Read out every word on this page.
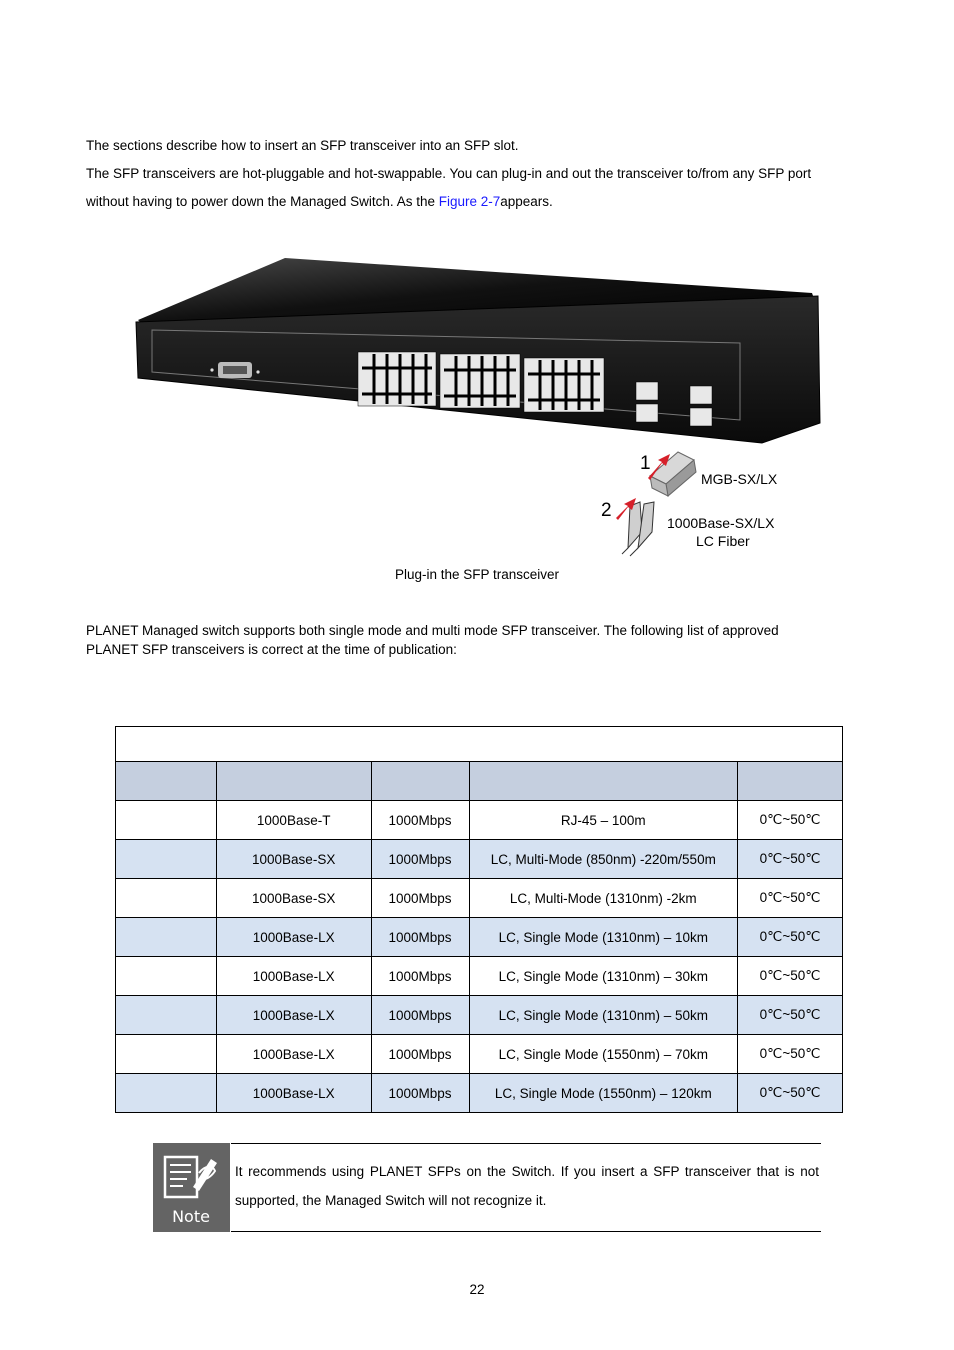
The sections describe how to insert an SFP transceiver into an SFP slot.

The SFP transceivers are hot-pluggable and hot-swappable. You can plug-in and out the transceiver to/from any SFP port

without having to power down the Managed Switch. As the Figure 2-7appears.

1
2
MGB-SX/LX
1000Base-SX/LX
LC Fiber
Plug-in the SFP transceiver

PLANET Managed switch supports both single mode and multi mode SFP transceiver. The following list of approved

PLANET SFP transceivers is correct at the time of publication:

	1000Base-T	1000Mbps	RJ-45 – 100m	0℃~50℃
	1000Base-SX	1000Mbps	LC, Multi-Mode (850nm) -220m/550m	0℃~50℃
	1000Base-SX	1000Mbps	LC, Multi-Mode (1310nm) -2km	0℃~50℃
	1000Base-LX	1000Mbps	LC, Single Mode (1310nm) – 10km	0℃~50℃
	1000Base-LX	1000Mbps	LC, Single Mode (1310nm) – 30km	0℃~50℃
	1000Base-LX	1000Mbps	LC, Single Mode (1310nm) – 50km	0℃~50℃
	1000Base-LX	1000Mbps	LC, Single Mode (1550nm) – 70km	0℃~50℃
	1000Base-LX	1000Mbps	LC, Single Mode (1550nm) – 120km	0℃~50℃
Note

It recommends using PLANET SFPs on the Switch. If you insert a SFP transceiver that is not supported, the Managed Switch will not recognize it.

22
